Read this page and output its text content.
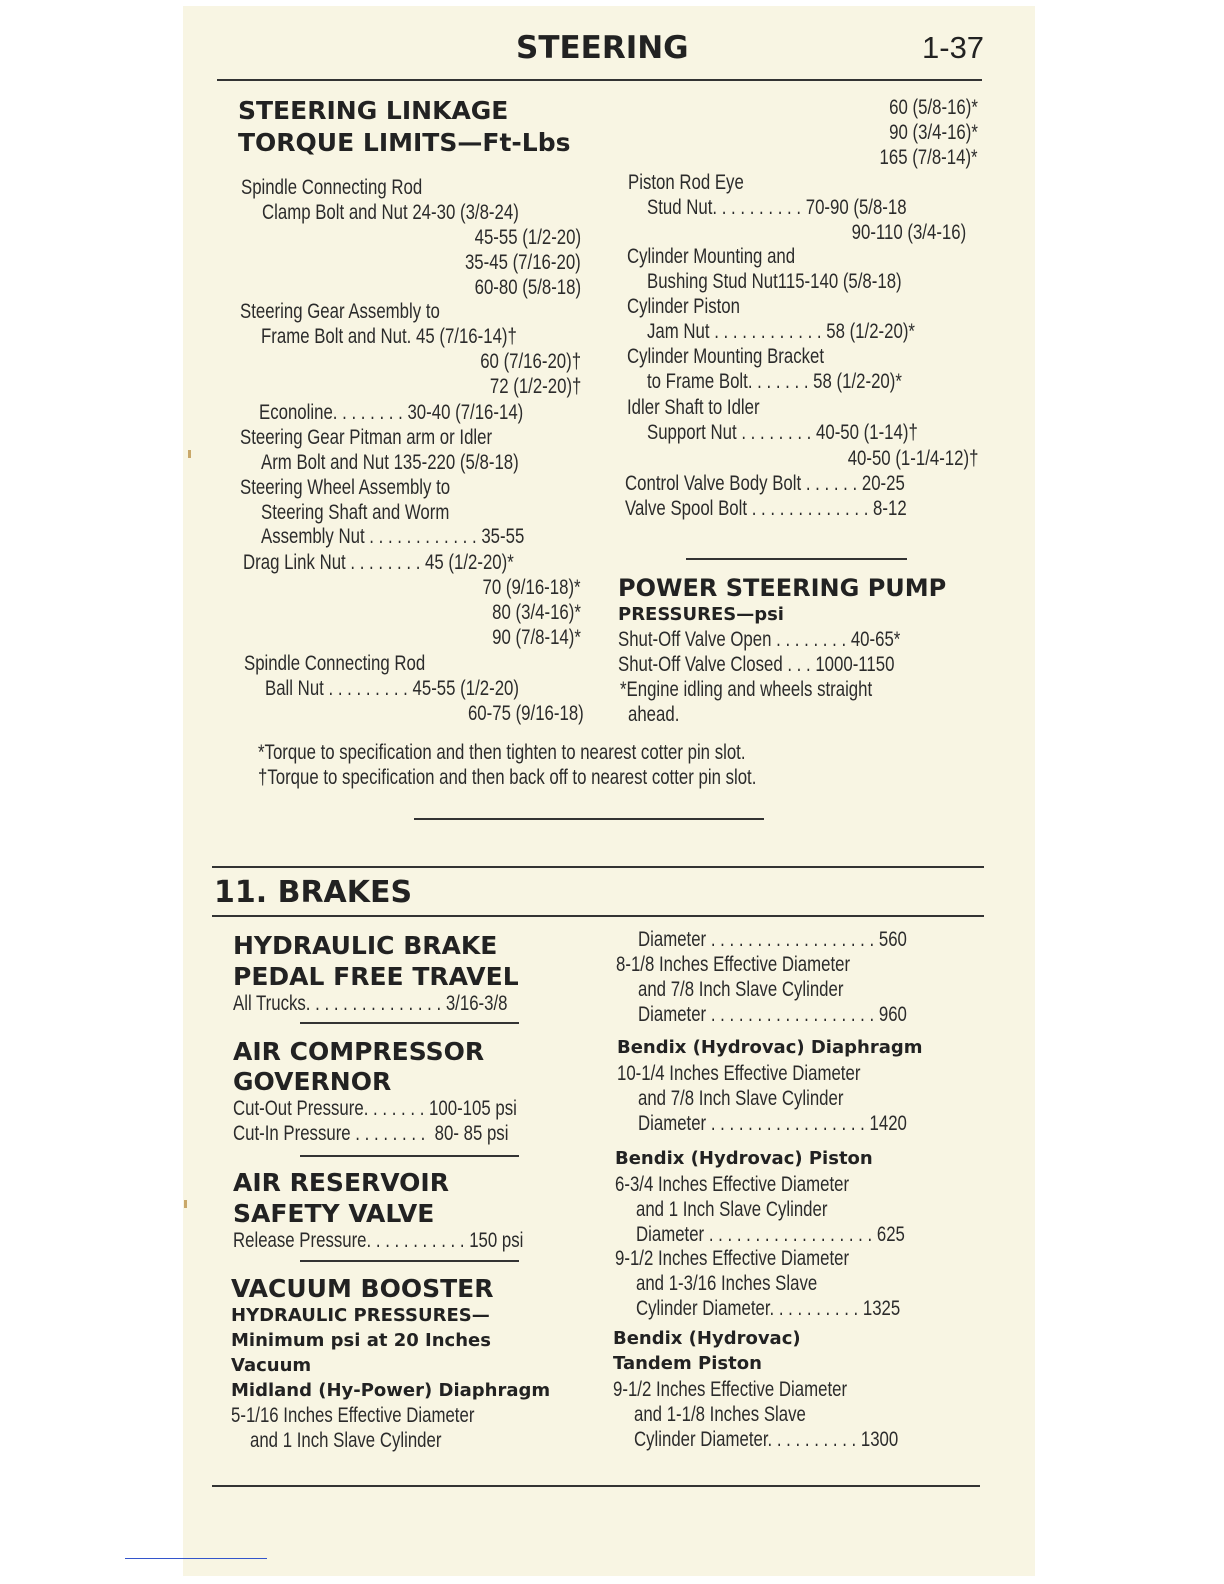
STEERING	1-37
STEERING LINKAGE
TORQUE LIMITS—Ft-Lbs
Spindle Connecting Rod
Clamp Bolt and Nut 24-30 (3/8-24)
45-55 (1/2-20)
35-45 (7/16-20)
60-80 (5/8-18)
Steering Gear Assembly to
Frame Bolt and Nut. 45 (7/16-14)†
60 (7/16-20)†
72 (1/2-20)†
Econoline. . . . . . . . 30-40 (7/16-14)
Steering Gear Pitman arm or Idler
Arm Bolt and Nut 135-220 (5/8-18)
Steering Wheel Assembly to
Steering Shaft and Worm
Assembly Nut . . . . . . . . . . . . 35-55
Drag Link Nut . . . . . . . . 45 (1/2-20)*
70 (9/16-18)*
80 (3/4-16)*
90 (7/8-14)*
Spindle Connecting Rod
Ball Nut . . . . . . . . . 45-55 (1/2-20)
60-75 (9/16-18)
60 (5/8-16)*
90 (3/4-16)*
165 (7/8-14)*
Piston Rod Eye
Stud Nut. . . . . . . . . . 70-90 (5/8-18
90-110 (3/4-16)
Cylinder Mounting and
Bushing Stud Nut115-140 (5/8-18)
Cylinder Piston
Jam Nut . . . . . . . . . . . . 58 (1/2-20)*
Cylinder Mounting Bracket
to Frame Bolt. . . . . . . 58 (1/2-20)*
Idler Shaft to Idler
Support Nut . . . . . . . . 40-50 (1-14)†
40-50 (1-1/4-12)†
Control Valve Body Bolt . . . . . . 20-25
Valve Spool Bolt . . . . . . . . . . . . . 8-12
POWER STEERING PUMP
PRESSURES—psi
Shut-Off Valve Open . . . . . . . . 40-65*
Shut-Off Valve Closed . . . 1000-1150
*Engine idling and wheels straight
ahead.
*Torque to specification and then tighten to nearest cotter pin slot.
†Torque to specification and then back off to nearest cotter pin slot.
11. BRAKES
HYDRAULIC BRAKE
PEDAL FREE TRAVEL
All Trucks. . . . . . . . . . . . . . . 3/16-3/8
AIR COMPRESSOR
GOVERNOR
Cut-Out Pressure. . . . . . . 100-105 psi
Cut-In Pressure . . . . . . . .  80- 85 psi
AIR RESERVOIR
SAFETY VALVE
Release Pressure. . . . . . . . . . . 150 psi
VACUUM BOOSTER
HYDRAULIC PRESSURES—
Minimum psi at 20 Inches
Vacuum
Midland (Hy-Power) Diaphragm
5-1/16 Inches Effective Diameter
and 1 Inch Slave Cylinder
Diameter . . . . . . . . . . . . . . . . . . 560
8-1/8 Inches Effective Diameter
and 7/8 Inch Slave Cylinder
Diameter . . . . . . . . . . . . . . . . . . 960
Bendix (Hydrovac) Diaphragm
10-1/4 Inches Effective Diameter
and 7/8 Inch Slave Cylinder
Diameter . . . . . . . . . . . . . . . . . 1420
Bendix (Hydrovac) Piston
6-3/4 Inches Effective Diameter
and 1 Inch Slave Cylinder
Diameter . . . . . . . . . . . . . . . . . . 625
9-1/2 Inches Effective Diameter
and 1-3/16 Inches Slave
Cylinder Diameter. . . . . . . . . . 1325
Bendix (Hydrovac)
Tandem Piston
9-1/2 Inches Effective Diameter
and 1-1/8 Inches Slave
Cylinder Diameter. . . . . . . . . . 1300
